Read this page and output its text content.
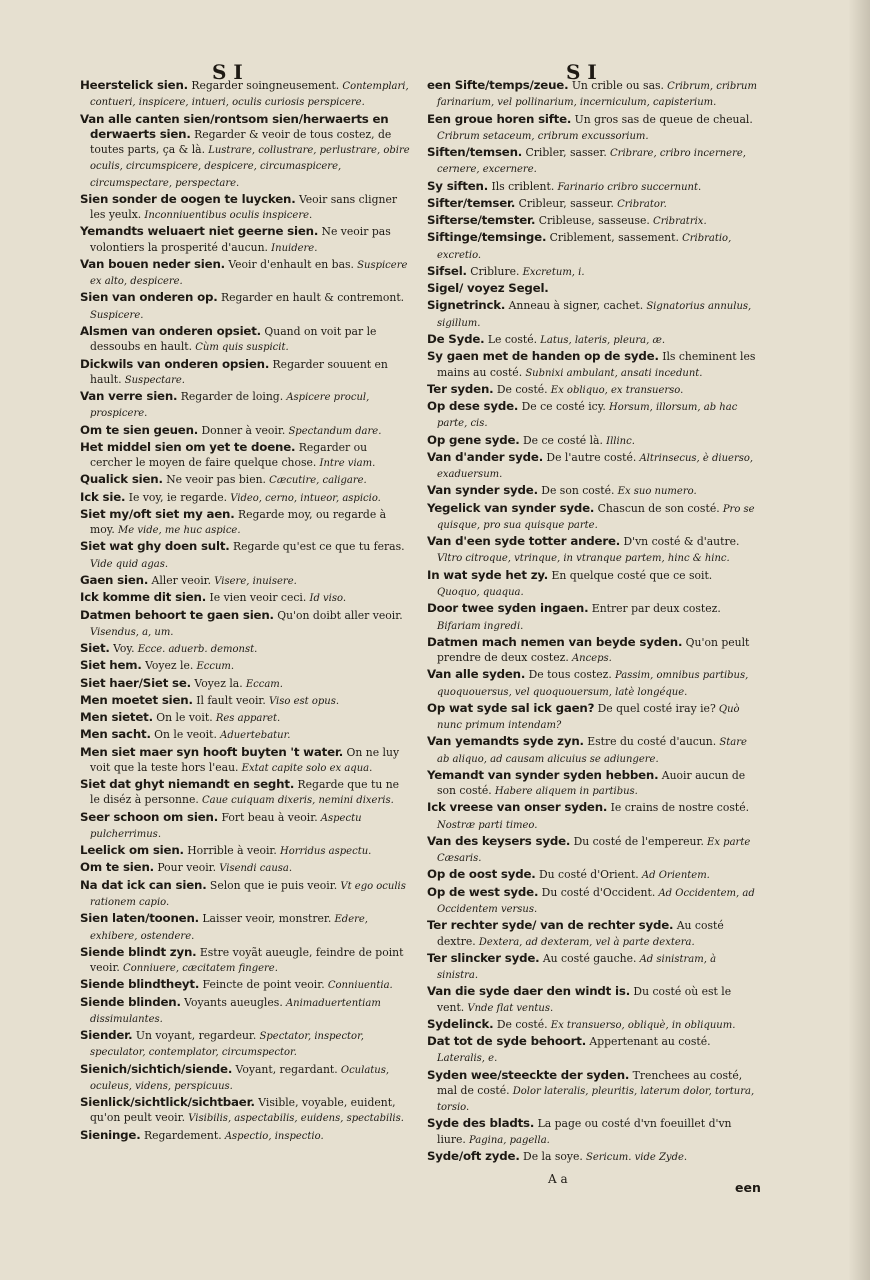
S I	S I
Heerstelick sien. Regarder soingneusement. Contemplari, contueri, inspicere, intueri, oculis curiosis perspicere.
Van alle canten sien/rontsom sien/herwaerts en derwaerts sien. Regarder & veoir de tous costez, de toutes parts, ça & là. Lustrare, collustrare, perlustrare, obire oculis, circumspicere, despicere, circumaspicere, circumspectare, perspectare.
Sien sonder de oogen te luycken. Veoir sans cligner les yeulx. Inconniuentibus oculis inspicere.
Yemandts weluaert niet geerne sien. Ne veoir pas volontiers la prosperité d'aucun. Inuidere.
Van bouen neder sien. Veoir d'enhault en bas. Suspicere ex alto, despicere.
Sien van onderen op. Regarder en hault & contremont. Suspicere.
Alsmen van onderen opsiet. Quand on voit par le dessoubs en hault. Cùm quis suspicit.
Dickwils van onderen opsien. Regarder souuent en hault. Suspectare.
Van verre sien. Regarder de loing. Aspicere procul, prospicere.
Om te sien geuen. Donner à veoir. Spectandum dare.
Het middel sien om yet te doene. Regarder ou cercher le moyen de faire quelque chose. Intre viam.
Qualick sien. Ne veoir pas bien. Cæcutire, caligare.
Ick sie. Ie voy, ie regarde. Video, cerno, intueor, aspicio.
Siet my/oft siet my aen. Regarde moy, ou regarde à moy. Me vide, me huc aspice.
Siet wat ghy doen sult. Regarde qu'est ce que tu feras. Vide quid agas.
Gaen sien. Aller veoir. Visere, inuisere.
Ick komme dit sien. Ie vien veoir ceci. Id viso.
Datmen behoort te gaen sien. Qu'on doibt aller veoir. Visendus, a, um.
Siet. Voy. Ecce. aduerb. demonst.
Siet hem. Voyez le. Eccum.
Siet haer/Siet se. Voyez la. Eccam.
Men moetet sien. Il fault veoir. Viso est opus.
Men sietet. On le voit. Res apparet.
Men sacht. On le veoit. Aduertebatur.
Men siet maer syn hooft buyten 't water. On ne luy voit que la teste hors l'eau. Extat capite solo ex aqua.
Siet dat ghyt niemandt en seght. Regarde que tu ne le diséz à personne. Caue cuiquam dixeris, nemini dixeris.
Seer schoon om sien. Fort beau à veoir. Aspectu pulcherrimus.
Leelick om sien. Horrible à veoir. Horridus aspectu.
Om te sien. Pour veoir. Visendi causa.
Na dat ick can sien. Selon que ie puis veoir. Vt ego oculis rationem capio.
Sien laten/toonen. Laisser veoir, monstrer. Edere, exhibere, ostendere.
Siende blindt zyn. Estre voyãt aueugle, feindre de point veoir. Conniuere, cæcitatem fingere.
Siende blindtheyt. Feincte de point veoir. Conniuentia.
Siende blinden. Voyants aueugles. Animaduertentiam dissimulantes.
Siender. Un voyant, regardeur. Spectator, inspector, speculator, contemplator, circumspector.
Sienich/sichtich/siende. Voyant, regardant. Oculatus, oculeus, videns, perspicuus.
Sienlick/sichtlick/sichtbaer. Visible, voyable, euident, qu'on peult veoir. Visibilis, aspectabilis, euidens, spectabilis.
Sieninge. Regardement. Aspectio, inspectio.
een Sifte/temps/zeue. Un crible ou sas. Cribrum, cribrum farinarium, vel pollinarium, incerniculum, capisterium.
Een groue horen sifte. Un gros sas de queue de cheual. Cribrum setaceum, cribrum excussorium.
Siften/temsen. Cribler, sasser. Cribrare, cribro incernere, cernere, excernere.
Sy siften. Ils criblent. Farinario cribro succernunt.
Sifter/temser. Cribleur, sasseur. Cribrator.
Sifterse/temster. Cribleuse, sasseuse. Cribratrix.
Siftinge/temsinge. Criblement, sassement. Cribratio, excretio.
Sifsel. Criblure. Excretum, i.
Sigel/ voyez Segel.
Signetrinck. Anneau à signer, cachet. Signatorius annulus, sigillum.
De Syde. Le costé. Latus, lateris, pleura, æ.
Sy gaen met de handen op de syde. Ils cheminent les mains au costé. Subnixi ambulant, ansati incedunt.
Ter syden. De costé. Ex obliquo, ex transuerso.
Op dese syde. De ce costé icy. Horsum, illorsum, ab hac parte, cis.
Op gene syde. De ce costé là. Illinc.
Van d'ander syde. De l'autre costé. Altrinsecus, è diuerso, exaduersum.
Van synder syde. De son costé. Ex suo numero.
Yegelick van synder syde. Chascun de son costé. Pro se quisque, pro sua quisque parte.
Van d'een syde totter andere. D'vn costé & d'autre. Vltro citroque, vtrinque, in vtranque partem, hinc & hinc.
In wat syde het zy. En quelque costé que ce soit. Quoquo, quaqua.
Door twee syden ingaen. Entrer par deux costez. Bifariam ingredi.
Datmen mach nemen van beyde syden. Qu'on peult prendre de deux costez. Anceps.
Van alle syden. De tous costez. Passim, omnibus partibus, quoquouersus, vel quoquouersum, latè longéque.
Op wat syde sal ick gaen? De quel costé iray ie? Quò nunc primum intendam?
Van yemandts syde zyn. Estre du costé d'aucun. Stare ab aliquo, ad causam alicuius se adiungere.
Yemandt van synder syden hebben. Auoir aucun de son costé. Habere aliquem in partibus.
Ick vreese van onser syden. Ie crains de nostre costé. Nostræ parti timeo.
Van des keysers syde. Du costé de l'empereur. Ex parte Cæsaris.
Op de oost syde. Du costé d'Orient. Ad Orientem.
Op de west syde. Du costé d'Occident. Ad Occidentem, ad Occidentem versus.
Ter rechter syde/ van de rechter syde. Au costé dextre. Dextera, ad dexteram, vel à parte dextera.
Ter slincker syde. Au costé gauche. Ad sinistram, à sinistra.
Van die syde daer den windt is. Du costé où est le vent. Vnde flat ventus.
Sydelinck. De costé. Ex transuerso, obliquè, in obliquum.
Dat tot de syde behoort. Appertenant au costé. Lateralis, e.
Syden wee/steeckte der syden. Trenchees au costé, mal de costé. Dolor lateralis, pleuritis, laterum dolor, tortura, torsio.
Syde des bladts. La page ou costé d'vn foeuillet d'vn liure. Pagina, pagella.
Syde/oft zyde. De la soye. Sericum. vide Zyde.
A a
een
